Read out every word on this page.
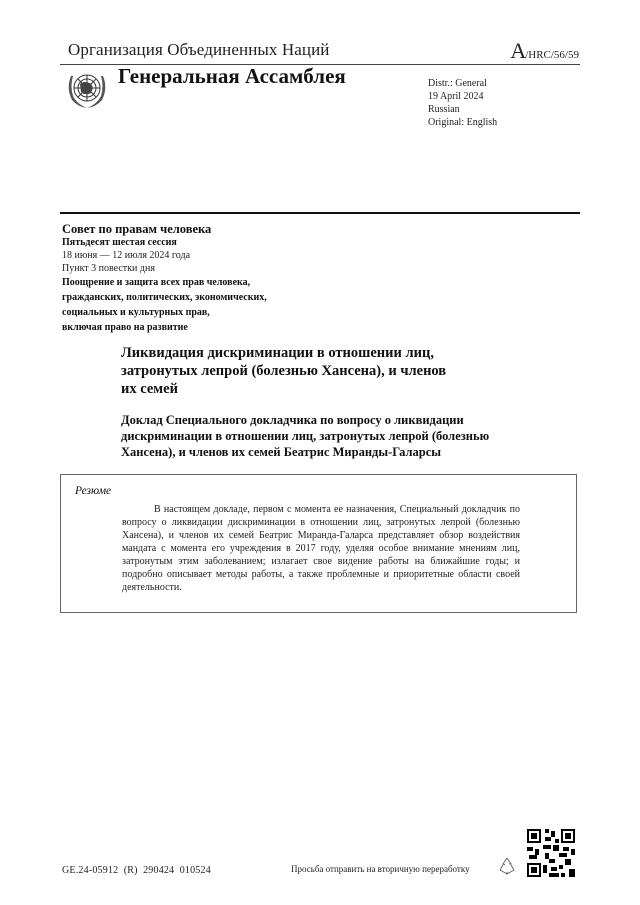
Организация Объединенных Наций	A/HRC/56/59
Генеральная Ассамблея	Distr.: General
19 April 2024
Russian
Original: English
Совет по правам человека
Пятьдесят шестая сессия
18 июня — 12 июля 2024 года
Пункт 3 повестки дня
Поощрение и защита всех прав человека,
гражданских, политических, экономических,
социальных и культурных прав,
включая право на развитие
Ликвидация дискриминации в отношении лиц,
затронутых лепрой (болезнью Хансена), и членов
их семей
Доклад Специального докладчика по вопросу о ликвидации
дискриминации в отношении лиц, затронутых лепрой (болезнью
Хансена), и членов их семей Беатрис Миранды-Галарсы
Резюме
В настоящем докладе, первом с момента ее назначения, Специальный докладчик по вопросу о ликвидации дискриминации в отношении лиц, затронутых лепрой (болезнью Хансена), и членов их семей Беатрис Миранда-Галарса представляет обзор воздействия мандата с момента его учреждения в 2017 году, уделяя особое внимание мнениям лиц, затронутым этим заболеванием; излагает свое видение работы на ближайшие годы; и подробно описывает методы работы, а также проблемные и приоритетные области своей деятельности.
GE.24-05912  (R)  290424  010524	Просьба отправить на вторичную переработку
